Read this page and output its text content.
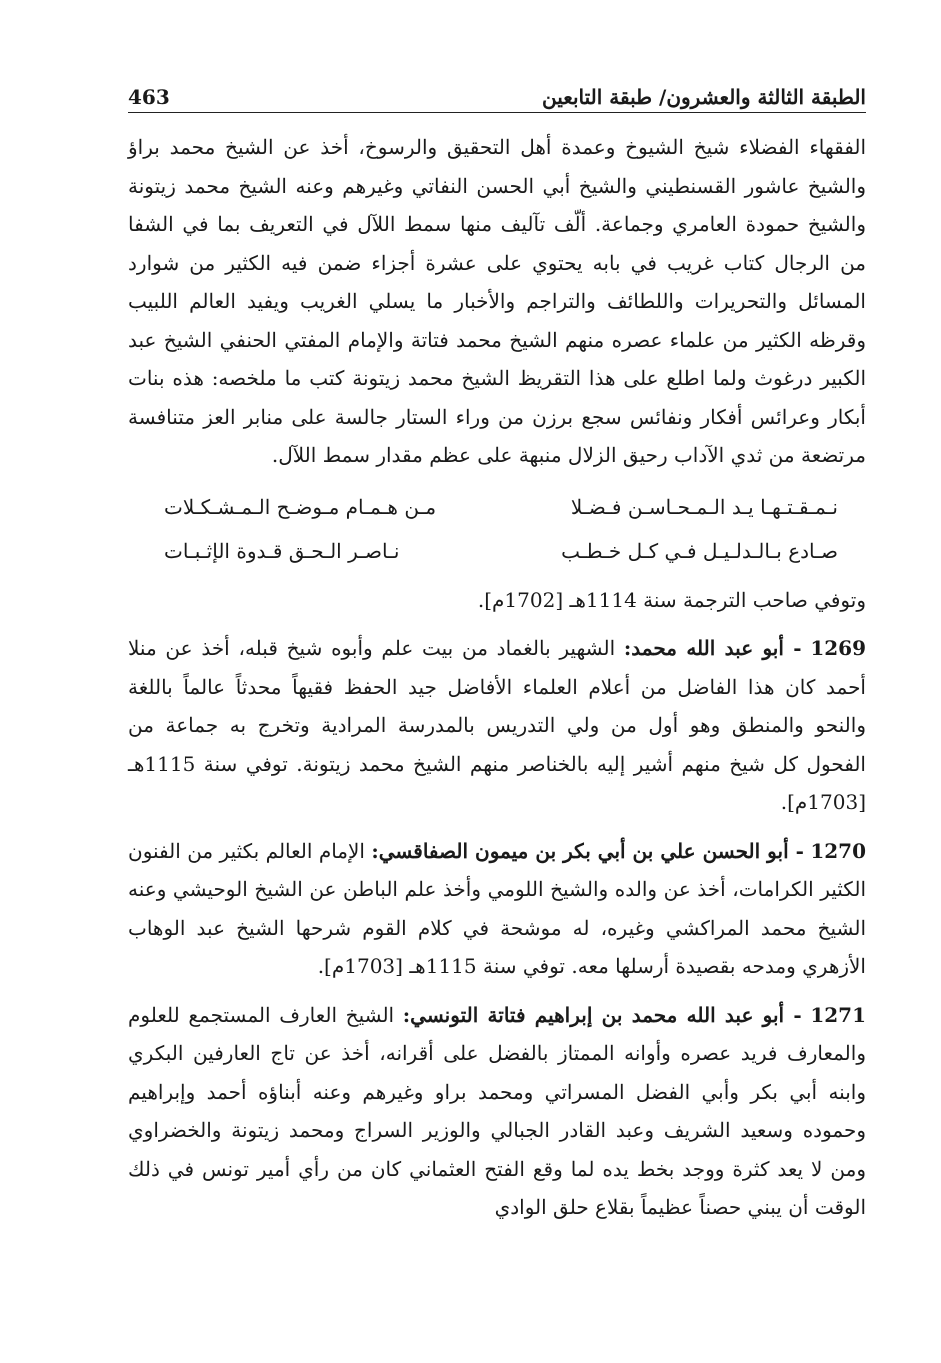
الطبقة الثالثة والعشرون/ طبقة التابعين
463

الفقهاء الفضلاء شيخ الشيوخ وعمدة أهل التحقيق والرسوخ، أخذ عن الشيخ محمد براؤ والشيخ عاشور القسنطيني والشيخ أبي الحسن النفاتي وغيرهم وعنه الشيخ محمد زيتونة والشيخ حمودة العامري وجماعة. ألّف تآليف منها سمط اللآل في التعريف بما في الشفا من الرجال كتاب غريب في بابه يحتوي على عشرة أجزاء ضمن فيه الكثير من شوارد المسائل والتحريرات واللطائف والتراجم والأخبار ما يسلي الغريب ويفيد العالم اللبيب وقرظه الكثير من علماء عصره منهم الشيخ محمد فتاتة والإمام المفتي الحنفي الشيخ عبد الكبير درغوث ولما اطلع على هذا التقريظ الشيخ محمد زيتونة كتب ما ملخصه: هذه بنات أبكار وعرائس أفكار ونفائس سجع برزن من وراء الستار جالسة على منابر العز متنافسة مرتضعة من ثدي الآداب رحيق الزلال منبهة على عظم مقدار سمط اللآل.

نـمـقـتـهـا يـد الـمـحـاسـن فـضـلا
مـن هـمـام مـوضـح الـمـشـكـلات
صـادع بـالـدلـيـل فـي كـل خـطـب
نـاصـر الـحـق قـدوة الإثـبـات

وتوفي صاحب الترجمة سنة 1114هـ [1702م].

1269 - أبو عبد الله محمد: الشهير بالغماد من بيت علم وأبوه شيخ قبله، أخذ عن منلا أحمد كان هذا الفاضل من أعلام العلماء الأفاضل جيد الحفظ فقيهاً محدثاً عالماً باللغة والنحو والمنطق وهو أول من ولي التدريس بالمدرسة المرادية وتخرج به جماعة من الفحول كل شيخ منهم أشير إليه بالخناصر منهم الشيخ محمد زيتونة. توفي سنة 1115هـ [1703م].

1270 - أبو الحسن علي بن أبي بكر بن ميمون الصفاقسي: الإمام العالم بكثير من الفنون الكثير الكرامات، أخذ عن والده والشيخ اللومي وأخذ علم الباطن عن الشيخ الوحيشي وعنه الشيخ محمد المراكشي وغيره، له موشحة في كلام القوم شرحها الشيخ عبد الوهاب الأزهري ومدحه بقصيدة أرسلها معه. توفي سنة 1115هـ [1703م].

1271 - أبو عبد الله محمد بن إبراهيم فتاتة التونسي: الشيخ العارف المستجمع للعلوم والمعارف فريد عصره وأوانه الممتاز بالفضل على أقرانه، أخذ عن تاج العارفين البكري وابنه أبي بكر وأبي الفضل المسراتي ومحمد براو وغيرهم وعنه أبناؤه أحمد وإبراهيم وحموده وسعيد الشريف وعبد القادر الجبالي والوزير السراج ومحمد زيتونة والخضراوي ومن لا يعد كثرة ووجد بخط يده لما وقع الفتح العثماني كان من رأي أمير تونس في ذلك الوقت أن يبني حصناً عظيماً بقلاع حلق الوادي
